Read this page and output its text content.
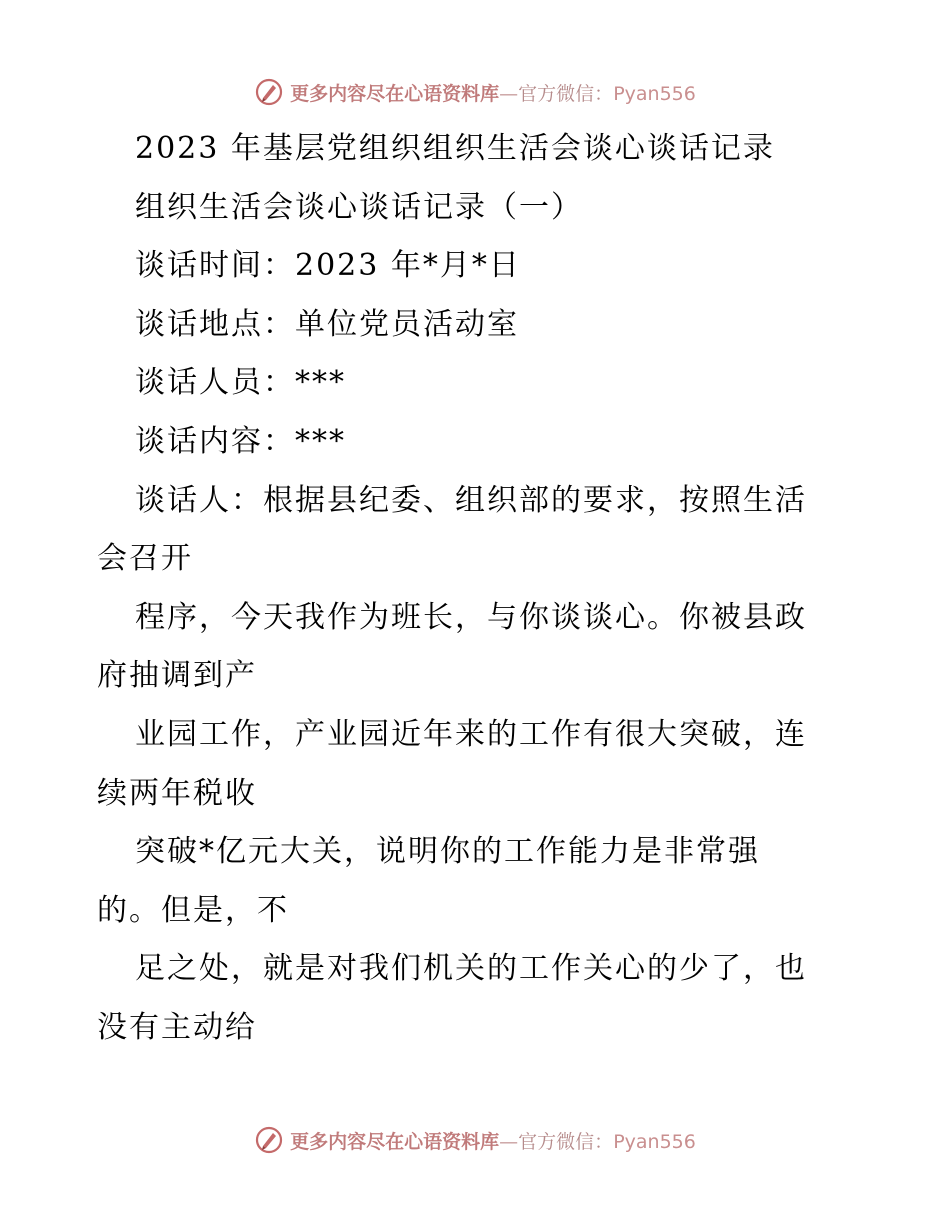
更多内容尽在心语资料库—官方微信：Pyan556
2023 年基层党组织组织生活会谈心谈话记录
组织生活会谈心谈话记录（一）
谈话时间：2023 年*月*日
谈话地点：单位党员活动室
谈话人员：***
谈话内容：***
谈话人：根据县纪委、组织部的要求，按照生活
会召开
程序，今天我作为班长，与你谈谈心。你被县政
府抽调到产
业园工作，产业园近年来的工作有很大突破，连
续两年税收
突破*亿元大关，说明你的工作能力是非常强
的。但是，不
足之处，就是对我们机关的工作关心的少了，也
没有主动给
更多内容尽在心语资料库—官方微信：Pyan556
